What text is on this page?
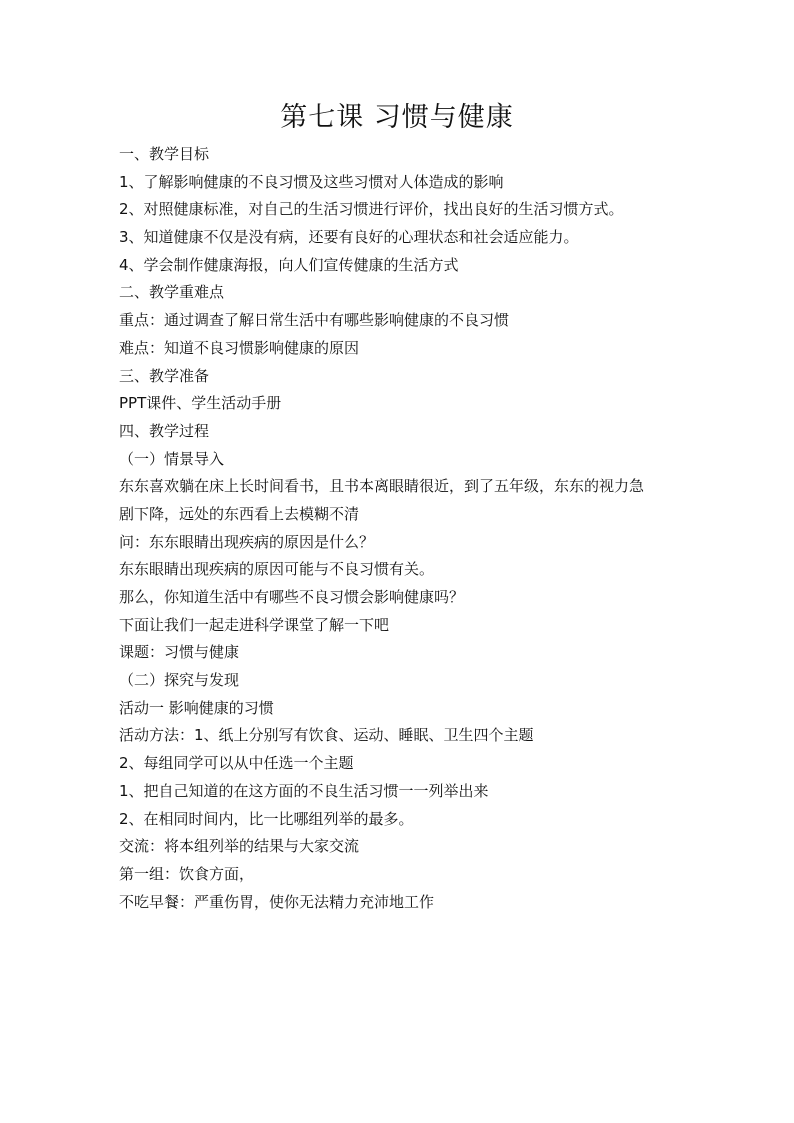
第七课 习惯与健康
一、教学目标
1、了解影响健康的不良习惯及这些习惯对人体造成的影响
2、对照健康标准，对自己的生活习惯进行评价，找出良好的生活习惯方式。
3、知道健康不仅是没有病，还要有良好的心理状态和社会适应能力。
4、学会制作健康海报，向人们宣传健康的生活方式
二、教学重难点
重点：通过调查了解日常生活中有哪些影响健康的不良习惯
难点：知道不良习惯影响健康的原因
三、教学准备
PPT课件、学生活动手册
四、教学过程
（一）情景导入
东东喜欢躺在床上长时间看书，且书本离眼睛很近，到了五年级，东东的视力急
剧下降，远处的东西看上去模糊不清
问：东东眼睛出现疾病的原因是什么？
东东眼睛出现疾病的原因可能与不良习惯有关。
那么，你知道生活中有哪些不良习惯会影响健康吗？
下面让我们一起走进科学课堂了解一下吧
课题：习惯与健康
（二）探究与发现
活动一 影响健康的习惯
活动方法：1、纸上分别写有饮食、运动、睡眠、卫生四个主题
2、每组同学可以从中任选一个主题
1、把自己知道的在这方面的不良生活习惯一一列举出来
2、在相同时间内，比一比哪组列举的最多。
交流：将本组列举的结果与大家交流
第一组：饮食方面，
不吃早餐：严重伤胃，使你无法精力充沛地工作
